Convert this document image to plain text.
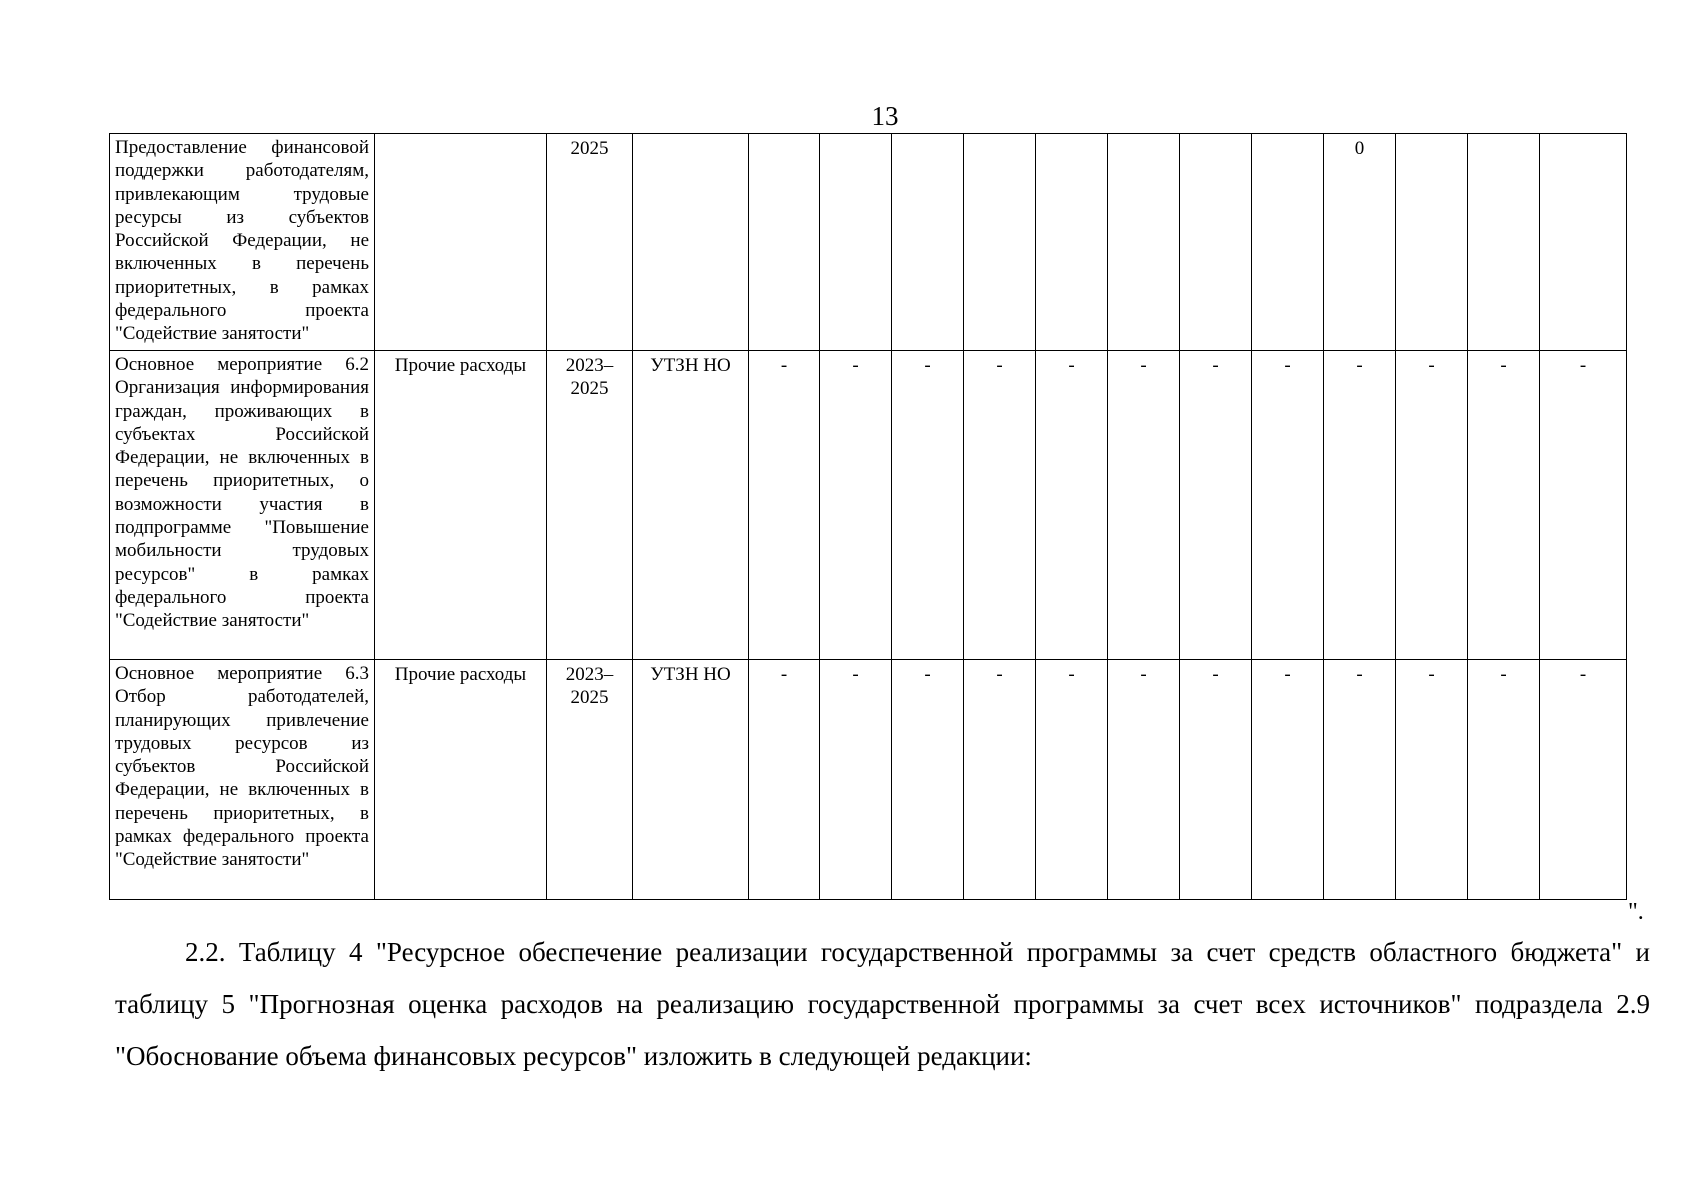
13
Предоставление финансовой поддержки работодателям, привлекающим трудовые ресурсы из субъектов Российской Федерации, не включенных в перечень приоритетных, в рамках федерального проекта "Содействие занятости"		2025										0			
Основное мероприятие 6.2 Организация информирования граждан, проживающих в субъектах Российской Федерации, не включенных в перечень приоритетных, о возможности участия в подпрограмме "Повышение мобильности трудовых ресурсов" в рамках федерального проекта "Содействие занятости"	Прочие расходы	2023–2025	УТЗН НО	-	-	-	-	-	-	-	-	-	-	-	-
Основное мероприятие 6.3 Отбор работодателей, планирующих привлечение трудовых ресурсов из субъектов Российской Федерации, не включенных в перечень приоритетных, в рамках федерального проекта "Содействие занятости"	Прочие расходы	2023–2025	УТЗН НО	-	-	-	-	-	-	-	-	-	-	-	-
".

2.2. Таблицу 4 "Ресурсное обеспечение реализации государственной программы за счет средств областного бюджета" и таблицу 5 "Прогнозная оценка расходов на реализацию государственной программы за счет всех источников" подраздела 2.9 "Обоснование объема финансовых ресурсов" изложить в следующей редакции:
